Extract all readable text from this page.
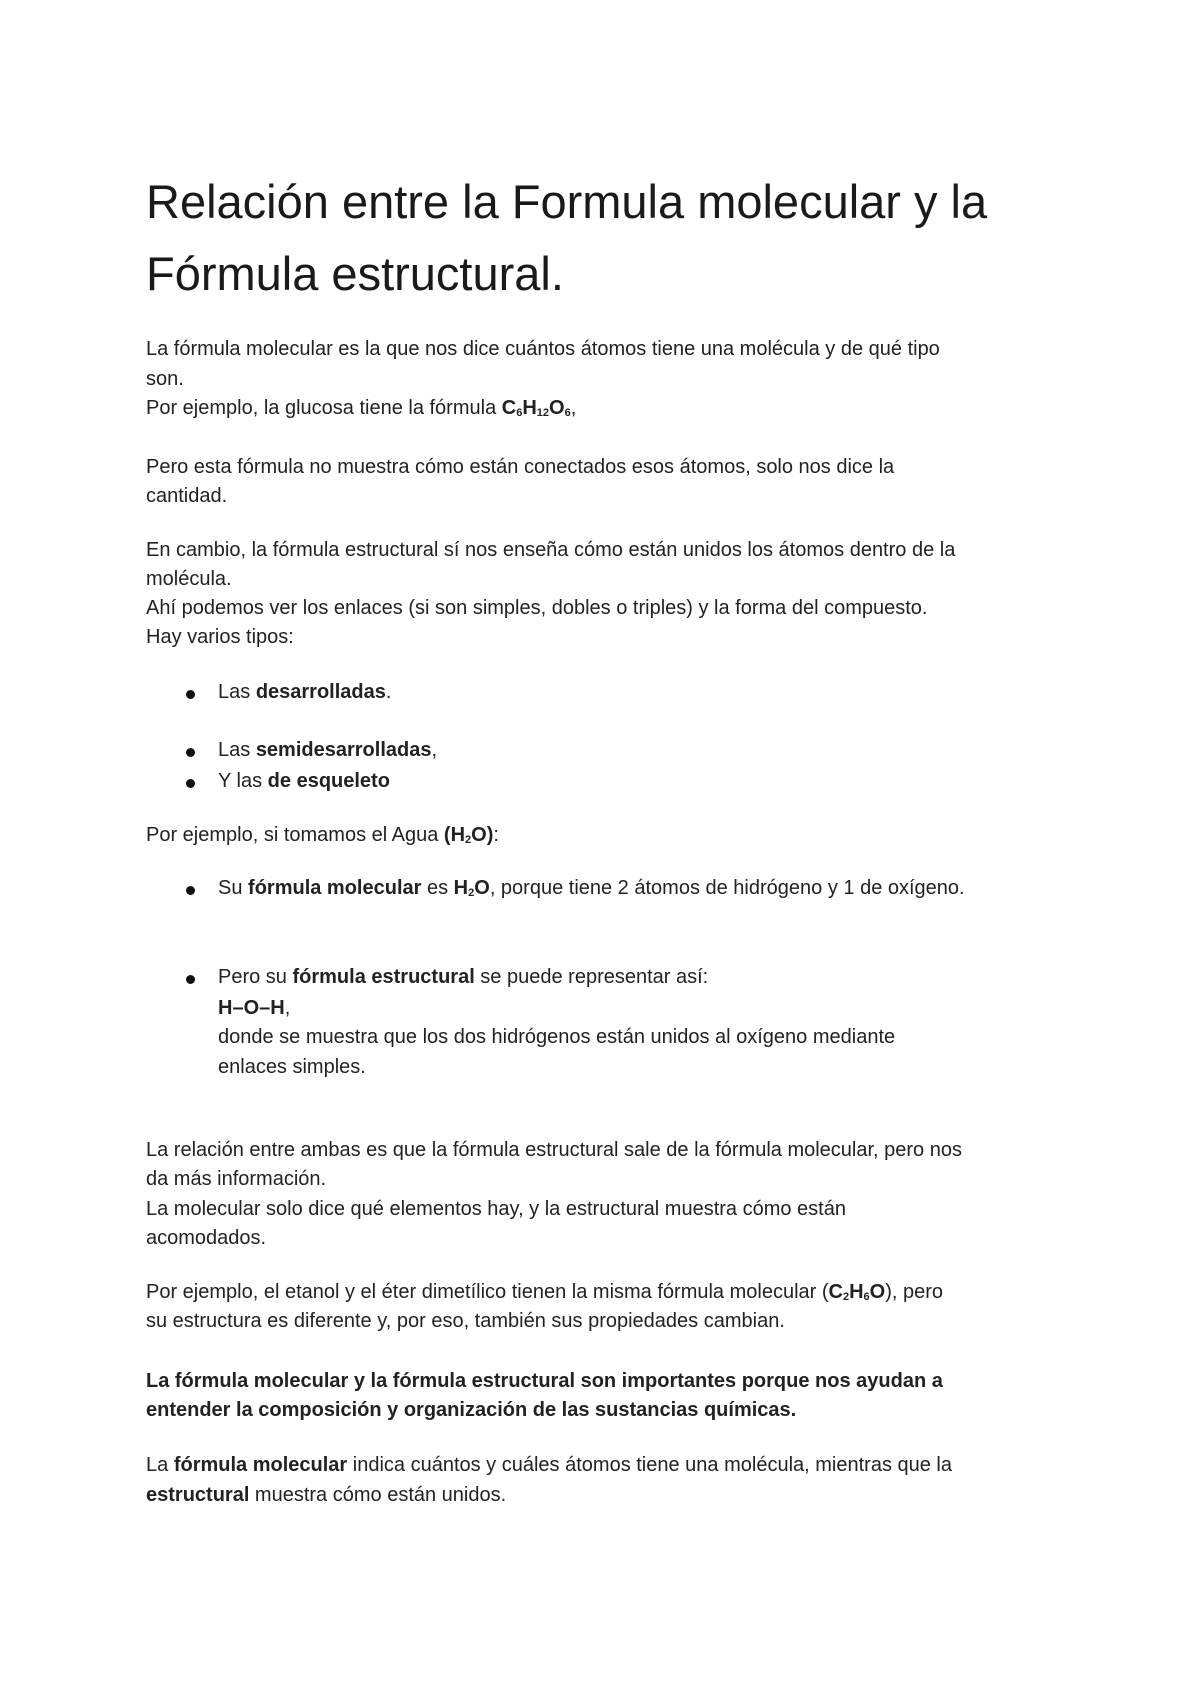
Relación entre la Formula molecular y la Fórmula estructural.

La fórmula molecular es la que nos dice cuántos átomos tiene una molécula y de qué tipo

son.

Por ejemplo, la glucosa tiene la fórmula C6H12O6,

Pero esta fórmula no muestra cómo están conectados esos átomos, solo nos dice la

cantidad.

En cambio, la fórmula estructural sí nos enseña cómo están unidos los átomos dentro de la

molécula.

Ahí podemos ver los enlaces (si son simples, dobles o triples) y la forma del compuesto.

Hay varios tipos:

Las desarrolladas.

Las semidesarrolladas,

Y las de esqueleto

Por ejemplo, si tomamos el Agua (H2O):

Su fórmula molecular es H2O, porque tiene 2 átomos de hidrógeno y 1 de oxígeno.

Pero su fórmula estructural se puede representar así:

H–O–H,

donde se muestra que los dos hidrógenos están unidos al oxígeno mediante

enlaces simples.

La relación entre ambas es que la fórmula estructural sale de la fórmula molecular, pero nos

da más información.

La molecular solo dice qué elementos hay, y la estructural muestra cómo están

acomodados.

Por ejemplo, el etanol y el éter dimetílico tienen la misma fórmula molecular (C2H6O), pero

su estructura es diferente y, por eso, también sus propiedades cambian.

La fórmula molecular y la fórmula estructural son importantes porque nos ayudan a

entender la composición y organización de las sustancias químicas.

La fórmula molecular indica cuántos y cuáles átomos tiene una molécula, mientras que la

estructural muestra cómo están unidos.
